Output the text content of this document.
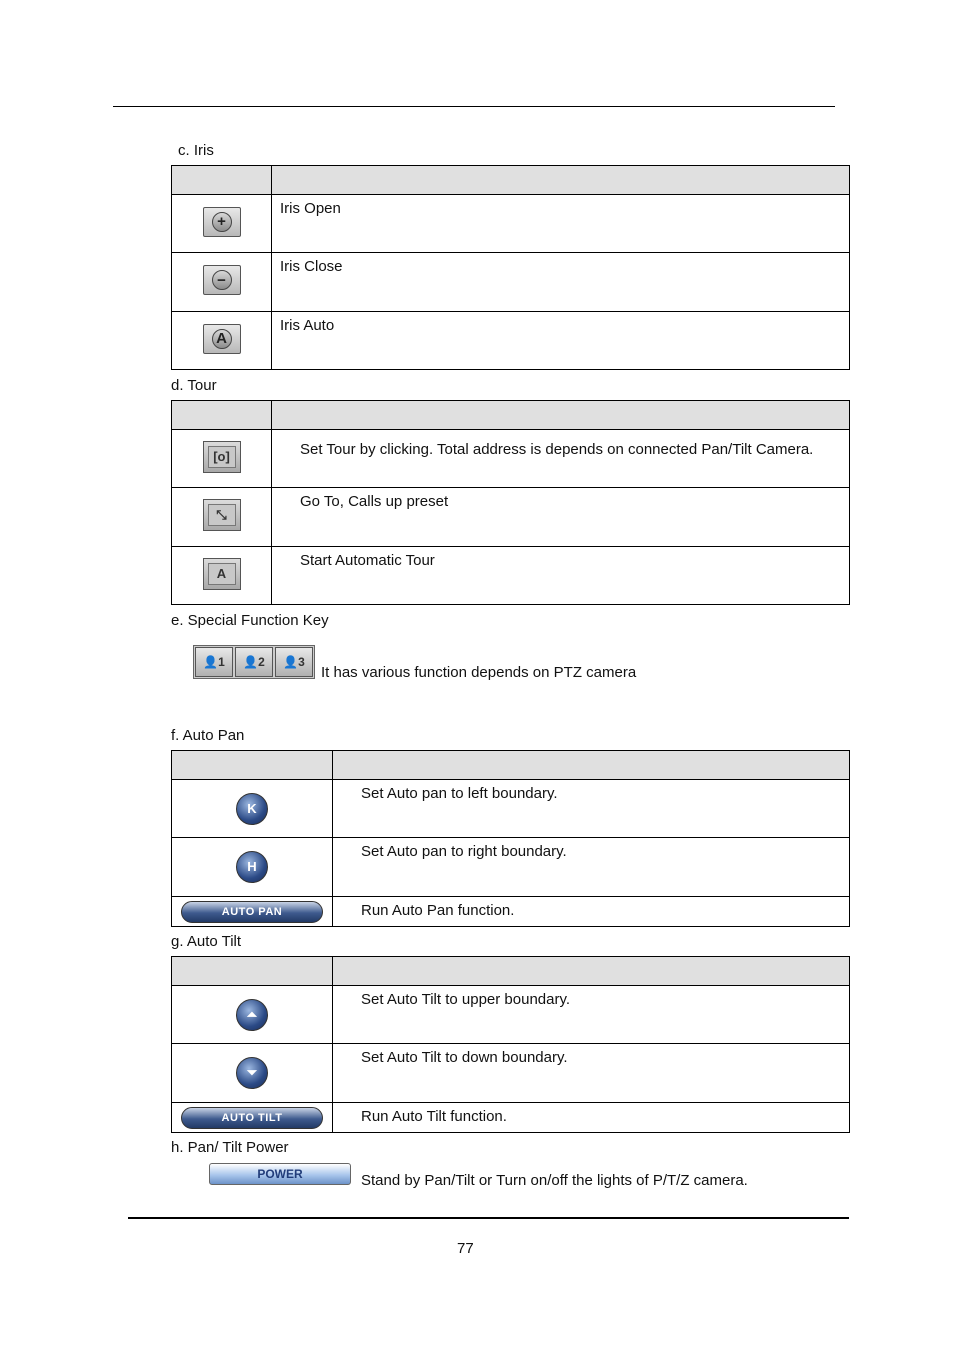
c. Iris

+	Iris Open

−	Iris Close

A	Iris Auto
d. Tour

[o]	Set Tour by clicking. Total address is depends on connected Pan/Tilt Camera.

⤡	Go To, Calls up preset

A	Start Automatic Tour
e. Special Function Key
👤 1	👤 2	👤 3
It has various function depends on PTZ camera
f. Auto Pan

K	Set Auto pan to left boundary.
H	Set Auto pan to right boundary.
AUTO PAN	Run Auto Pan function.
g. Auto Tilt

⏶	Set Auto Tilt to upper boundary.
⏷	Set Auto Tilt to down boundary.
AUTO TILT	Run Auto Tilt function.
h. Pan/ Tilt Power
POWER	Stand by Pan/Tilt or Turn on/off the lights of P/T/Z camera.
77
